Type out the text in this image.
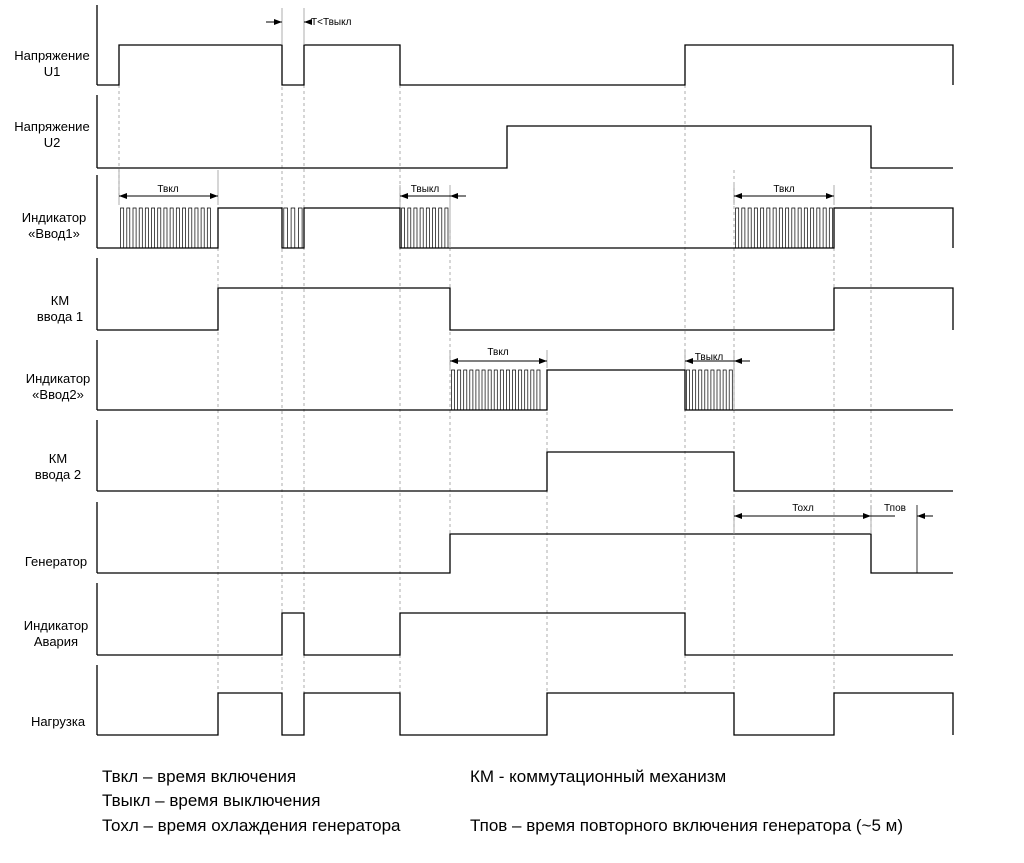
Т<Твыкл
Твкл	Твыкл	Твкл
Твкл	Твыкл
Тохл	Тпов
Напряжение
U1
Напряжение
U2
Индикатор
«Ввод1»
КМ
ввода 1
Индикатор
«Ввод2»
КМ
ввода 2
Генератор
Индикатор
Авария
Нагрузка
Твкл – время включения
Твыкл – время выключения
Тохл – время охлаждения генератора
КМ - коммутационный механизм
Тпов – время повторного включения генератора (~5 м)
